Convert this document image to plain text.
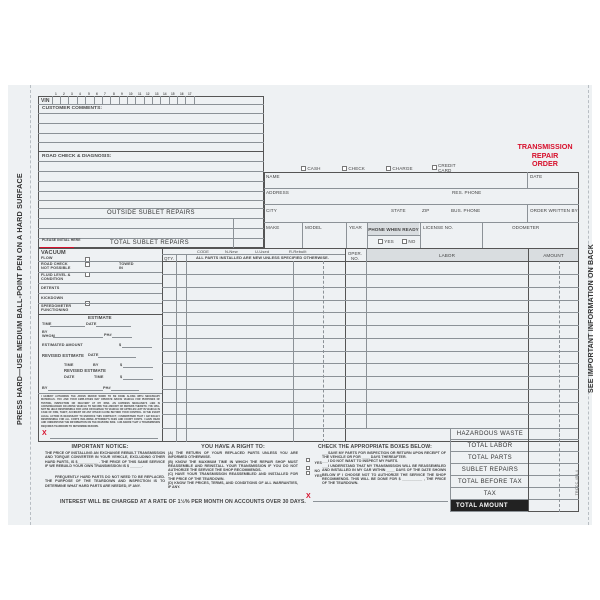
PRESS HARD—USE MEDIUM BALL-POINT PEN ON A HARD SURFACE	SEE IMPORTANT INFORMATION ON BACK
TROCC-451-4
TRANSMISSION
REPAIR
ORDER
1 2 3 4 5 6 7 8 9 10 11 12 13 14 15 16 17
VIN
CUSTOMER COMMENTS:
ROAD CHECK & DIAGNOSIS:
OUTSIDE SUBLET REPAIRS
PLEASE INITIAL HERE	TOTAL SUBLET REPAIRS
CASH	CHECK	CHARGE
CREDIT CARD
NAME	DATE
ADDRESS	RES. PHONE
CITY	STATE	ZIP	BUS. PHONE	ORDER WRITTEN BY
MAKE	MODEL	YEAR PHONE WHEN READY
YES	NO
LICENSE NO.	ODOMETER
VACUUM
FLOW
ROAD CHECK NOT POSSIBLE
TOWED IN
FLUID LEVEL & CONDITION
DETENTS
KICKDOWN
SPEEDOMETER FUNCTIONING
ESTIMATE
TIME	DATE
BY WHOM	PH#
ESTIMATED AMOUNT	$
REVISED ESTIMATE DATE
TIME	BY	$
REVISED ESTIMATE
DATE	TIME	$
BY	PH#
I HEREBY AUTHORIZE THE ABOVE REPAIR WORK TO BE DONE ALONG WITH NECESSARY MATERIALS. YOU AND YOUR EMPLOYEES MAY OPERATE ABOVE VEHICLE FOR PURPOSES OF TESTING, INSPECTION OR DELIVERY AT MY RISK. AN EXPRESS MECHANIC'S LIEN IS ACKNOWLEDGED ON ABOVE VEHICLE TO SECURE THE AMOUNT OF REPAIRS THERETO. YOU WILL NOT BE HELD RESPONSIBLE FOR LOSS OR DAMAGE TO VEHICLE OR ARTICLES LEFT IN VEHICLE IN CASE OF FIRE, THEFT, ACCIDENT OR ANY OTHER CAUSE BEYOND YOUR CONTROL. IN THE EVENT LEGAL ACTION IS NECESSARY TO ENFORCE THIS CONTRACT, I UNDERSTAND THAT I AM SOLELY RESPONSIBLE FOR ALL COSTS INCLUDING ATTORNEY'S FEES AND COURT COSTS. I HAVE READ AND UNDERSTAND THE INFORMATION ON THE REVERSE SIDE. I AM AWARE THAT A TRANSMISSION REQUIRES TEARDOWN TO DETERMINE REPAIRS.
X
CODE	N-New	U-Used	R-Rebuilt
QTY.	ALL PARTS INSTALLED ARE NEW UNLESS SPECIFIED OTHERWISE.
OPER. NO.
LABOR	AMOUNT
HAZARDOUS WASTE
TOTAL LABOR
TOTAL PARTS
SUBLET REPAIRS
TOTAL BEFORE TAX
TAX
TOTAL AMOUNT
IMPORTANT NOTICE:
THE PRICE OF INSTALLING AN EXCHANGE REBUILT TRANSMISSION AND TORQUE CONVERTER IN YOUR VEHICLE, EXCLUDING OTHER HARD PARTS, IS $__________ . THE PRICE OF THIS SAME SERVICE IF WE REBUILD YOUR OWN TRANSMISSION IS $ ______.
FREQUENTLY HARD PARTS DO NOT NEED TO BE REPLACED. THE PURPOSE OF THE TEARDOWN AND INSPECTION IS TO DETERMINE WHAT HARD PARTS ARE NEEDED, IF ANY.
YOU HAVE A RIGHT TO:
(A) THE RETURN OF YOUR REPLACED PARTS UNLESS YOU ARE INFORMED OTHERWISE.
(B) KNOW THE MAXIMUM TIME IN WHICH THE REPAIR SHOP MUST REASSEMBLE AND REINSTALL YOUR TRANSMISSION IF YOU DO NOT AUTHORIZE THE SERVICE THE SHOP RECOMMENDS.
(C) HAVE YOUR TRANSMISSION REASSEMBLED AND INSTALLED FOR THE PRICE OF THE TEARDOWN.
(D) KNOW THE PRICES, TERMS, AND CONDITIONS OF ALL WARRANTIES, IF ANY.
CHECK THE APPROPRIATE BOXES BELOW:
YES
___SAVE MY PARTS FOR INSPECTION OR RETURN UPON RECEIPT OF THE VEHICLE OR FOR ____ DAYS THEREAFTER.
NO
___I DO NOT WANT TO INSPECT MY PARTS.
YES
___I UNDERSTAND THAT MY TRANSMISSION WILL BE REASSEMBLED AND INSTALLED IN MY CAR WITHIN ____ DAYS OF THE DATE SHOWN BELOW IF I CHOOSE NOT TO AUTHORIZE THE SERVICE THE SHOP RECOMMENDS. THIS WILL BE DONE FOR $ __________ , THE PRICE OF THE TEARDOWN.
X
INTEREST WILL BE CHARGED AT A RATE OF 1½% PER MONTH ON ACCOUNTS OVER 30 DAYS.
